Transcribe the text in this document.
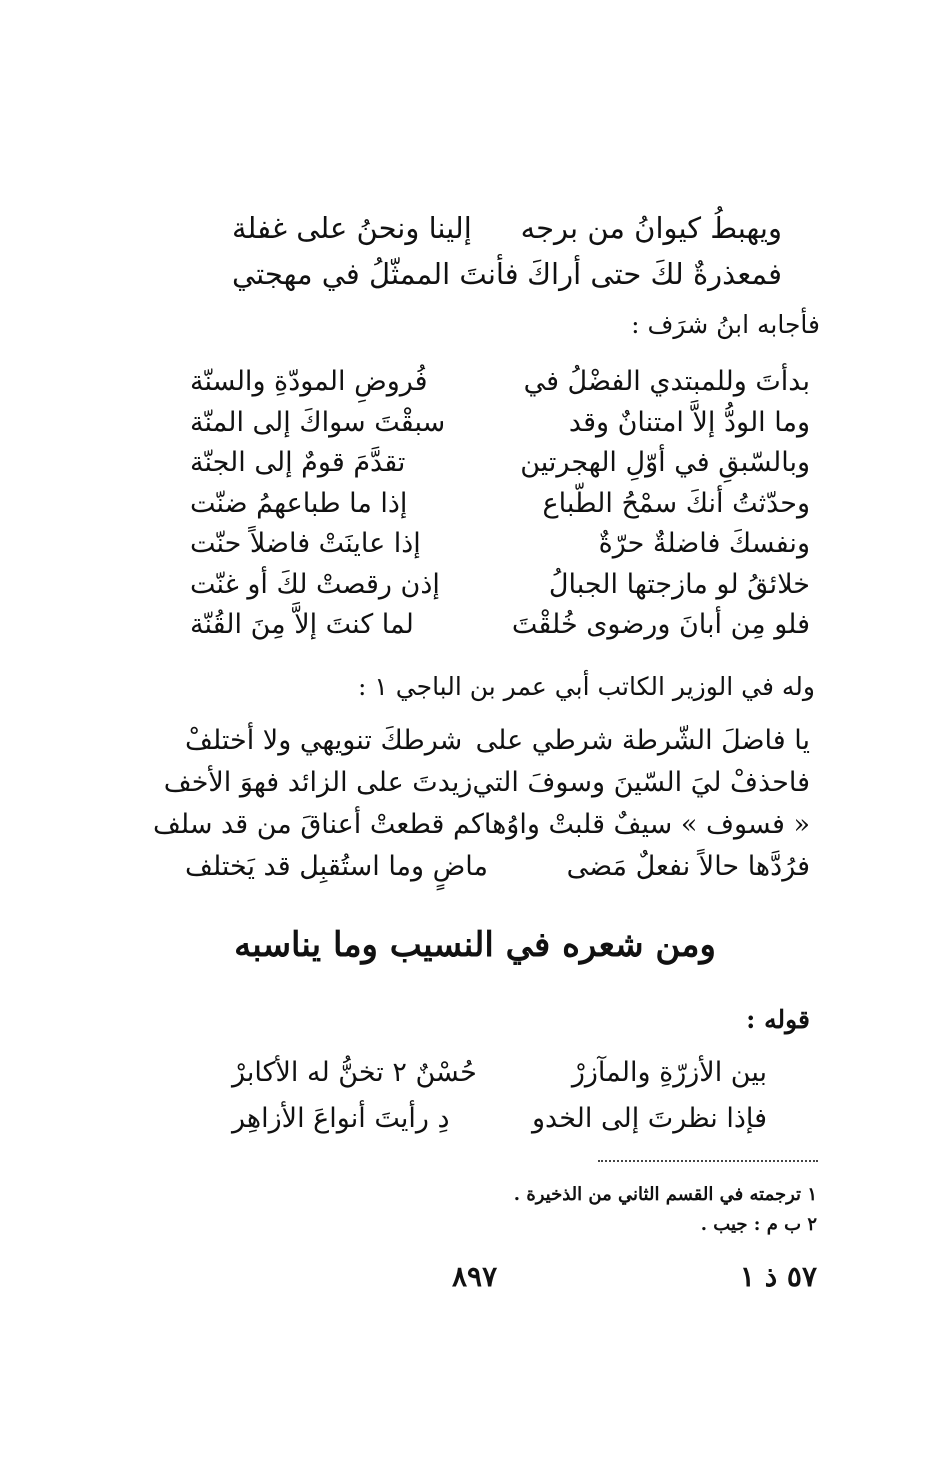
ويهبطُ كيوانُ من برجه
إلينا ونحنُ على غفلة
فمعذرةٌ لكَ حتى أراكَ
فأنتَ الممثّلُ في مهجتي
فأجابه ابنُ شرَف :
بدأتَ وللمبتدي الفضْلُ في
فُروضِ المودّةِ والسنّة
وما الودُّ إلاَّ امتنانٌ وقد
سبقْتَ سواكَ إلى المنّة
وبالسّبقِ في أوّلِ الهجرتين
تقدَّمَ قومٌ إلى الجنّة
وحدّثتُ أنكَ سمْحُ الطّباع
إذا ما طباعهمُ ضنّت
ونفسكَ فاضلةٌ حرّةٌ
إذا عاينَتْ فاضلاً حنّت
خلائقُ لو مازجتها الجبالُ
إذن رقصتْ لكَ أو غنّت
فلو مِن أبانَ ورضوى خُلقْتَ
لما كنتَ إلاَّ مِنَ القُنّة
وله في الوزير الكاتب أبي عمر بن الباجي ١ :
يا فاضلَ الشّرطة شرطي على
شرطكَ تنويهي ولا أختلفْ
فاحذفْ ليَ السّينَ وسوفَ التي
زيدتَ على الزائد فهوَ الأخف
« فسوف » سيفٌ قلبتْ واوُها
كم قطعتْ أعناقَ من قد سلف
فرُدَّها حالاً نفعلٌ مَضى
ماضٍ وما استُقبِل قد يَختلف
ومن شعره في النسيب وما يناسبه
قوله :
بين الأزرّةِ والمآزرْ
حُسْنٌ ٢ تخنُّ له الأكابرْ
فإذا نظرتَ إلى الخدو
دِ رأيتَ أنواعَ الأزاهِر
١ ترجمته في القسم الثاني من الذخيرة .
٢ ب م : جيب .
٨٩٧	٥٧ ذ ١
